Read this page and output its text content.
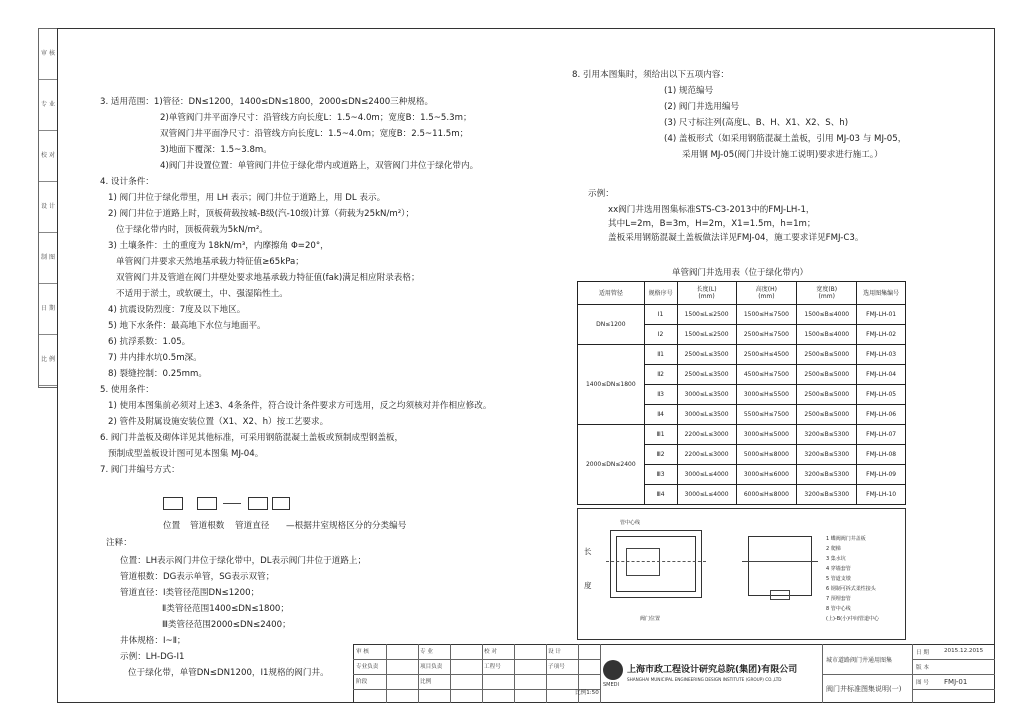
审 核
专 业
校 对
设 计
制 图
日 期
比 例
3. 适用范围：1)管径：DN≤1200，1400≤DN≤1800，2000≤DN≤2400三种规格。
2)单管阀门井平面净尺寸：沿管线方向长度L：1.5~4.0m；宽度B：1.5~5.3m；
双管阀门井平面净尺寸：沿管线方向长度L：1.5~4.0m；宽度B：2.5~11.5m；
3)地面下覆深：1.5~3.8m。
4)阀门井设置位置：单管阀门井位于绿化带内或道路上，双管阀门井位于绿化带内。
4. 设计条件：
1) 阀门井位于绿化带里，用 LH 表示；阀门井位于道路上，用 DL 表示。
2) 阀门井位于道路上时，顶板荷载按城-B级(汽-10级)计算（荷载为25kN/m²）；
位于绿化带内时，顶板荷载为5kN/m²。
3) 土壤条件：土的重度为 18kN/m³，内摩擦角 Φ=20°，
单管阀门井要求天然地基承载力特征值≥65kPa；
双管阀门井及管道在阀门井壁处要求地基承载力特征值(fak)满足相应附录表格；
不适用于淤土，或软硬土，中、强湿陷性土。
4) 抗震设防烈度：7度及以下地区。
5) 地下水条件：最高地下水位与地面平。
6) 抗浮系数：1.05。
7) 井内排水坑0.5m深。
8) 裂缝控制：0.25mm。
5. 使用条件：
1) 使用本图集前必须对上述3、4条条件，符合设计条件要求方可选用，反之均须核对并作相应修改。
2) 管件及附属设施安装位置（X1、X2、h）按工艺要求。
6. 阀门井盖板及砌体详见其他标准，可采用钢筋混凝土盖板或预制成型钢盖板，
预制成型盖板设计图可见本图集 MJ-04。
7. 阀门井编号方式：
位置 管道根数 管道直径 —根据井室规格区分的分类编号
注释：
位置：LH表示阀门井位于绿化带中，DL表示阀门井位于道路上；
管道根数：DG表示单管，SG表示双管；
管道直径：Ⅰ类管径范围DN≤1200；
Ⅱ类管径范围1400≤DN≤1800；
Ⅲ类管径范围2000≤DN≤2400；
井体规格：Ⅰ~Ⅱ；
示例：LH-DG-Ⅰ1
位于绿化带，单管DN≤DN1200，Ⅰ1规格的阀门井。
8. 引用本图集时，须给出以下五项内容：
(1) 规范编号
(2) 阀门井选用编号
(3) 尺寸标注列(高度L、B、H、X1、X2、S、h)
(4) 盖板形式（如采用钢筋混凝土盖板，引用 MJ-03 与 MJ-05，
采用钢 MJ-05(阀门井设计施工说明)要求进行施工。）
示例：
xx阀门井选用图集标准STS-C3-2013中的FMJ-LH-1，
其中L=2m，B=3m，H=2m，X1=1.5m，h=1m；
盖板采用钢筋混凝土盖板做法详见FMJ-04，施工要求详见FMJ-C3。
单管阀门井选用表（位于绿化带内）
适用管径	规格序号	长度(L)
(mm)	高度(H)
(mm)	宽度(B)
(mm)	选用图集编号
DN≤1200	Ⅰ1	1500≤L≤2500	1500≤H≤7500	1500≤B≤4000	FMJ-LH-01
	Ⅰ2	1500≤L≤2500	2500≤H≤7500	1500≤B≤4000	FMJ-LH-02
1400≤DN≤1800	Ⅱ1	2500≤L≤3500	2500≤H≤4500	2500≤B≤5000	FMJ-LH-03
	Ⅱ2	2500≤L≤3500	4500≤H≤7500	2500≤B≤5000	FMJ-LH-04
	Ⅱ3	3000≤L≤3500	3000≤H≤5500	2500≤B≤5000	FMJ-LH-05
	Ⅱ4	3000≤L≤3500	5500≤H≤7500	2500≤B≤5000	FMJ-LH-06
2000≤DN≤2400	Ⅲ1	2200≤L≤3000	3000≤H≤5000	3200≤B≤5300	FMJ-LH-07
	Ⅲ2	2200≤L≤3000	5000≤H≤8000	3200≤B≤5300	FMJ-LH-08
	Ⅲ3	3000≤L≤4000	3000≤H≤6000	3200≤B≤5300	FMJ-LH-09
	Ⅲ4	3000≤L≤4000	6000≤H≤8000	3200≤B≤5300	FMJ-LH-10
长
度
管中心线
阀门位置
1 蝶阀阀门井盖板
2 爬梯
3 集水坑
4 穿墙套管
5 管道支墩
6 钢制可拆式柔性接头
7 预埋套管
8 管中心线
(上)-B(小)中间管道中心
审 核	专 业	校 对	设 计
专业负责	项目负责	工程号	子项号
阶段	比例	SMEDI
上海市政工程设计研究总院(集团)有限公司
SHANGHAI MUNICIPAL ENGINEERING DESIGN INSTITUTE (GROUP) CO.,LTD
城市道路阀门井通用图集
阀门井标准图集说明(一)
日 期	2015.12.2015
版 本
图 号 FMJ-01
比例1:50
